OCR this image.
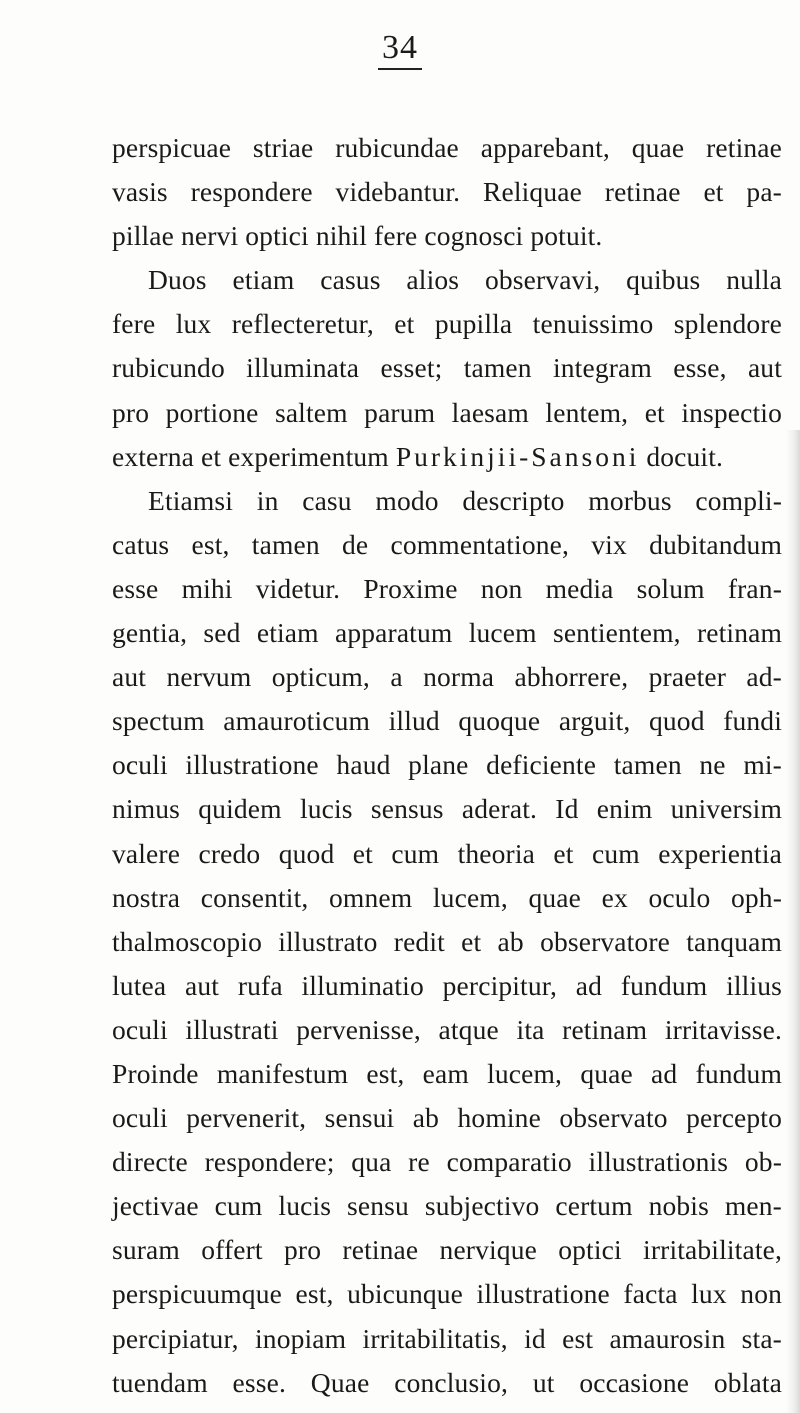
34
perspicuae striae rubicundae apparebant, quae retinae
vasis respondere videbantur. Reliquae retinae et pa-
pillae nervi optici nihil fere cognosci potuit.
Duos etiam casus alios observavi, quibus nulla
fere lux reflecteretur, et pupilla tenuissimo splendore
rubicundo illuminata esset; tamen integram esse, aut
pro portione saltem parum laesam lentem, et inspectio
externa et experimentum Purkinjii-Sansoni docuit.
Etiamsi in casu modo descripto morbus compli-
catus est, tamen de commentatione, vix dubitandum
esse mihi videtur. Proxime non media solum fran-
gentia, sed etiam apparatum lucem sentientem, retinam
aut nervum opticum, a norma abhorrere, praeter ad-
spectum amauroticum illud quoque arguit, quod fundi
oculi illustratione haud plane deficiente tamen ne mi-
nimus quidem lucis sensus aderat. Id enim universim
valere credo quod et cum theoria et cum experientia
nostra consentit, omnem lucem, quae ex oculo oph-
thalmoscopio illustrato redit et ab observatore tanquam
lutea aut rufa illuminatio percipitur, ad fundum illius
oculi illustrati pervenisse, atque ita retinam irritavisse.
Proinde manifestum est, eam lucem, quae ad fundum
oculi pervenerit, sensui ab homine observato percepto
directe respondere; qua re comparatio illustrationis ob-
jectivae cum lucis sensu subjectivo certum nobis men-
suram offert pro retinae nervique optici irritabilitate,
perspicuumque est, ubicunque illustratione facta lux non
percipiatur, inopiam irritabilitatis, id est amaurosin sta-
tuendam esse. Quae conclusio, ut occasione oblata
